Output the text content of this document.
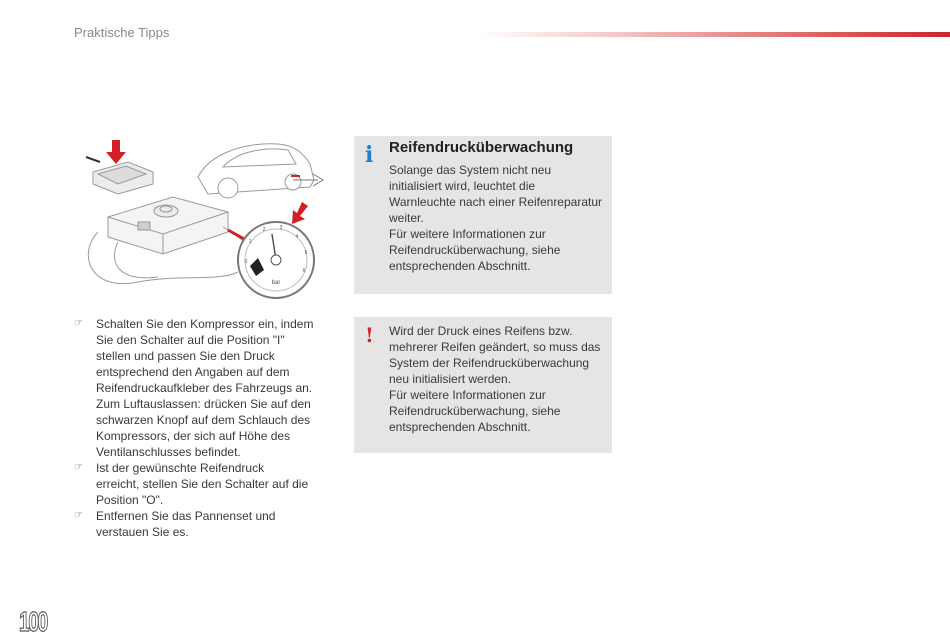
Praktische Tipps
0
1
2	3
4
5
6
bar
☞ Schalten Sie den Kompressor ein, indem
Sie den Schalter auf die Position "I"
stellen und passen Sie den Druck
entsprechend den Angaben auf dem
Reifendruckaufkleber des Fahrzeugs an.
Zum Luftauslassen: drücken Sie auf den
schwarzen Knopf auf dem Schlauch des
Kompressors, der sich auf Höhe des
Ventilanschlusses befindet.
☞ Ist der gewünschte Reifendruck
erreicht, stellen Sie den Schalter auf die
Position "O".
☞ Entfernen Sie das Pannenset und
verstauen Sie es.
i Reifendrucküberwachung
Solange das System nicht neu
initialisiert wird, leuchtet die
Warnleuchte nach einer Reifenreparatur
weiter.
Für weitere Informationen zur
Reifendrucküberwachung, siehe
entsprechenden Abschnitt.
! Wird der Druck eines Reifens bzw.
mehrerer Reifen geändert, so muss das
System der Reifendrucküberwachung
neu initialisiert werden.
Für weitere Informationen zur
Reifendrucküberwachung, siehe
entsprechenden Abschnitt.
100
